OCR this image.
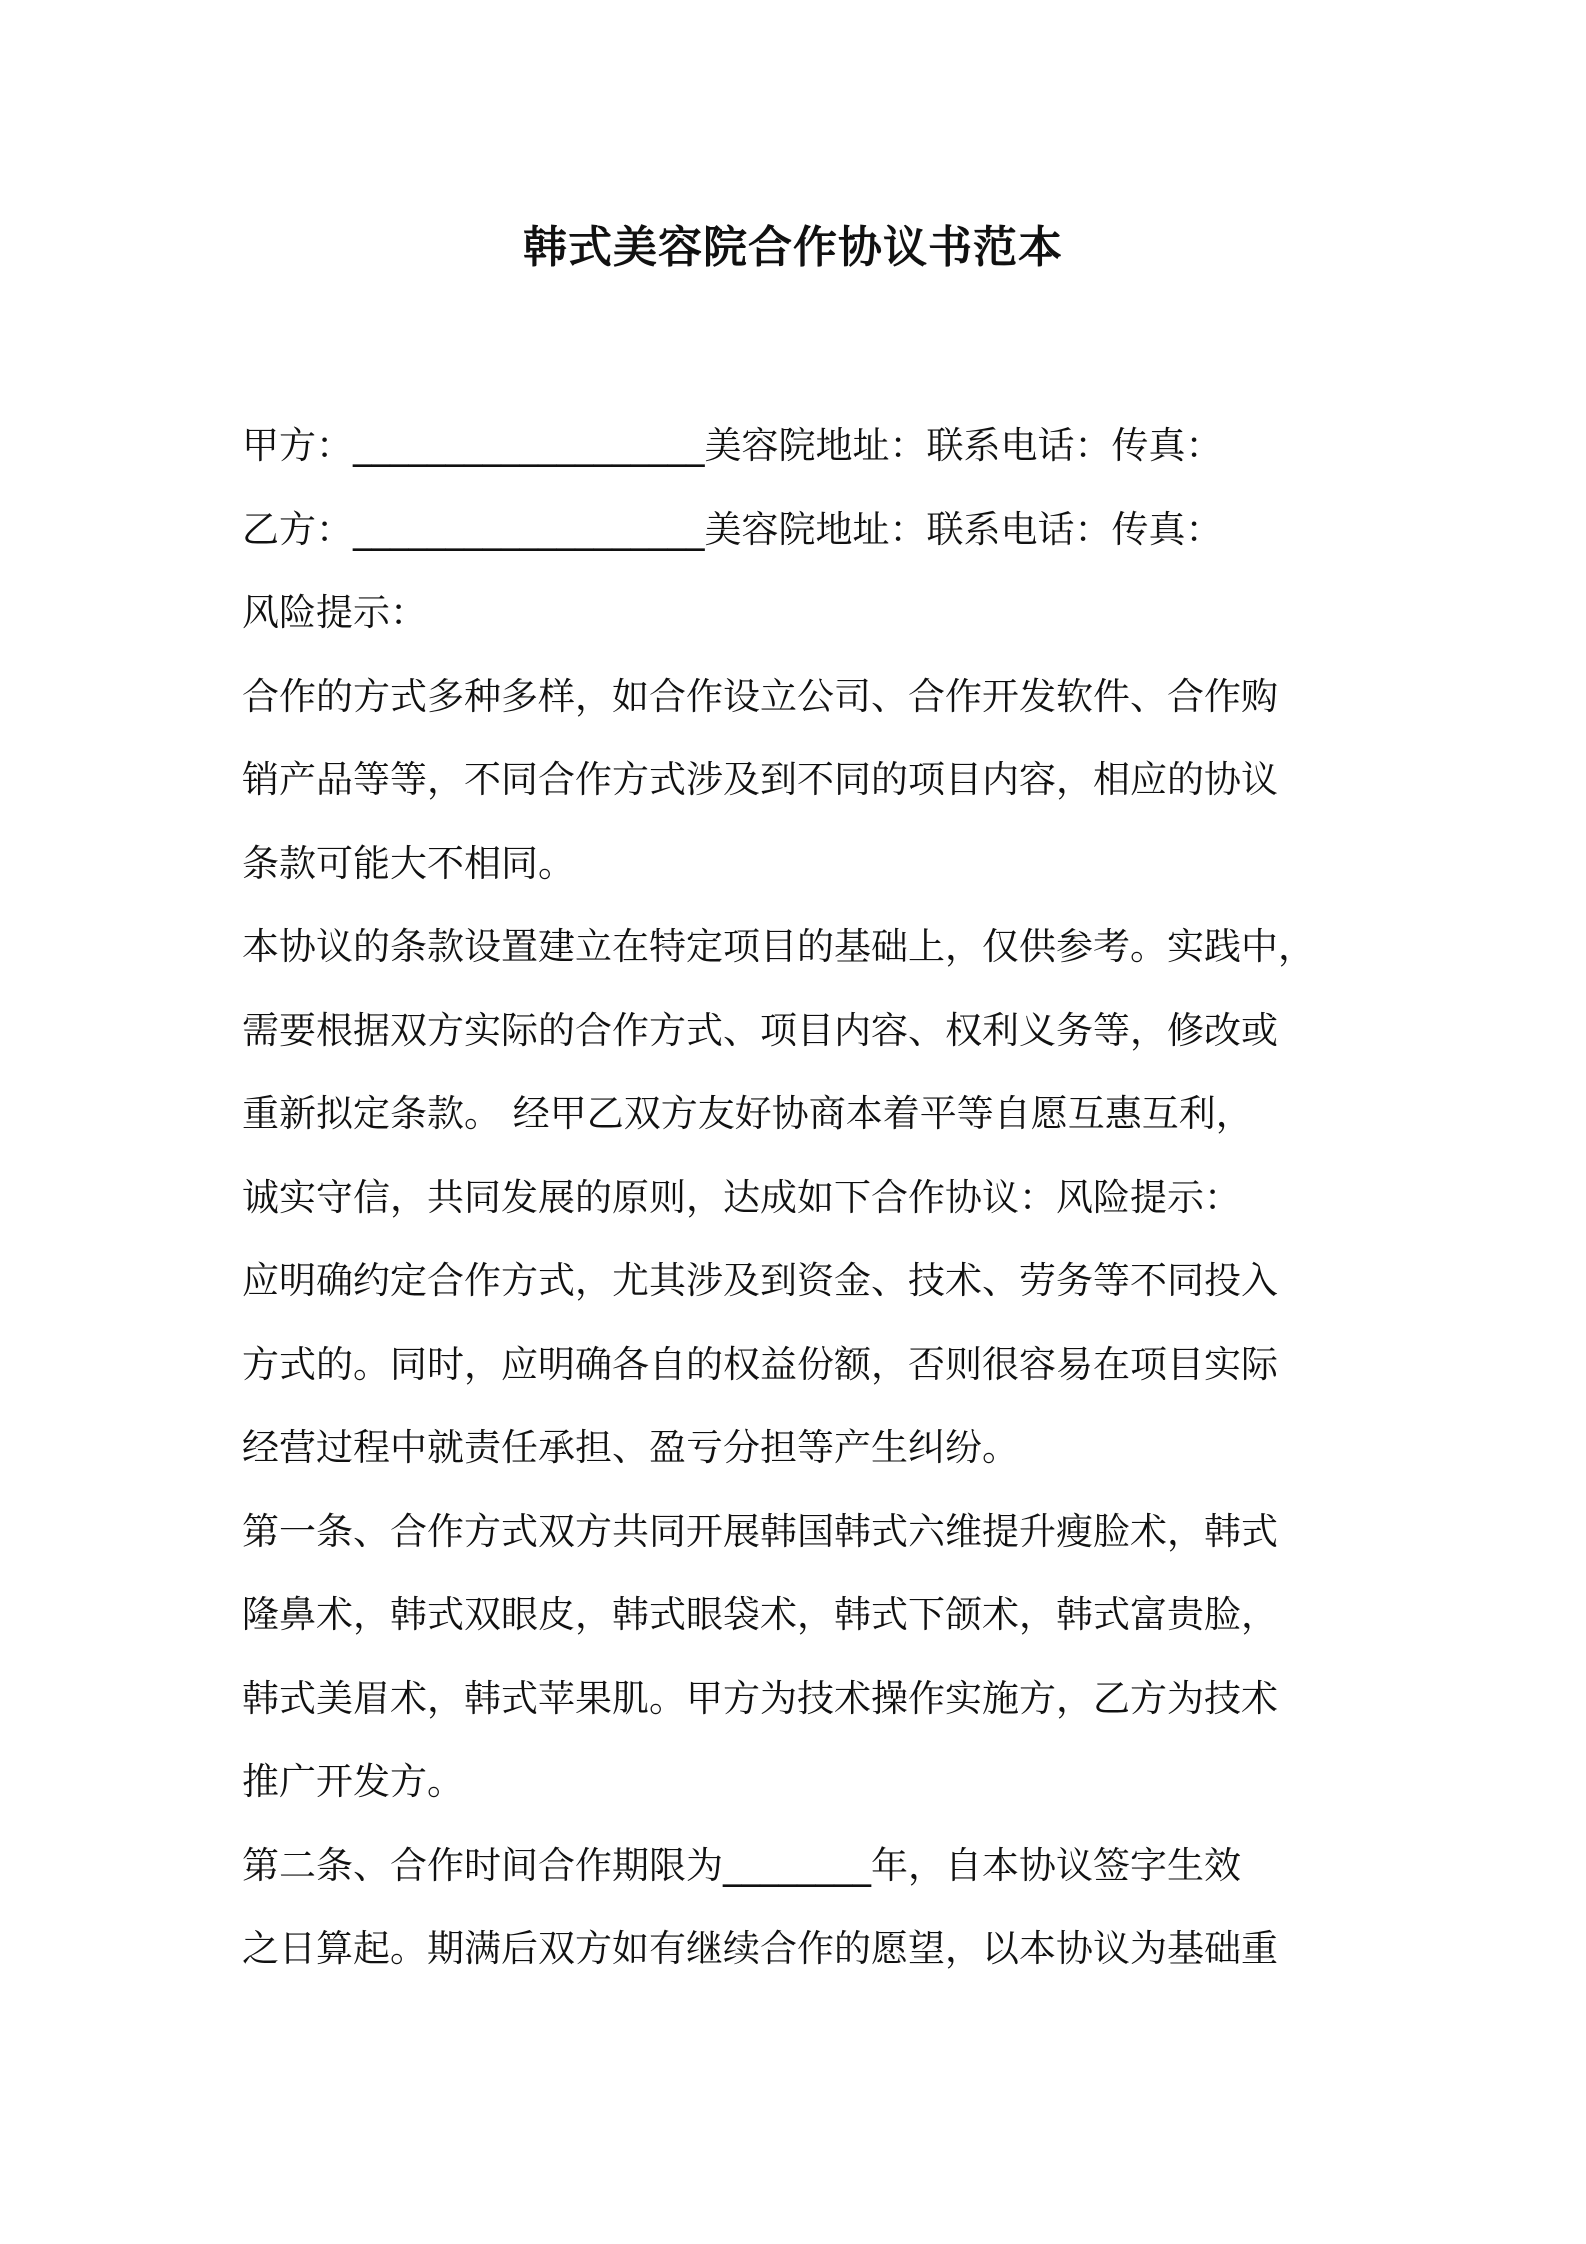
韩式美容院合作协议书范本
甲方：___________________美容院地址：联系电话：传真：
乙方：___________________美容院地址：联系电话：传真：
风险提示：
合作的方式多种多样，如合作设立公司、合作开发软件、合作购
销产品等等，不同合作方式涉及到不同的项目内容，相应的协议
条款可能大不相同。
本协议的条款设置建立在特定项目的基础上，仅供参考。实践中，
需要根据双方实际的合作方式、项目内容、权利义务等，修改或
重新拟定条款。 经甲乙双方友好协商本着平等自愿互惠互利，
诚实守信，共同发展的原则，达成如下合作协议：风险提示：
应明确约定合作方式，尤其涉及到资金、技术、劳务等不同投入
方式的。同时，应明确各自的权益份额，否则很容易在项目实际
经营过程中就责任承担、盈亏分担等产生纠纷。
第一条、合作方式双方共同开展韩国韩式六维提升瘦脸术，韩式
隆鼻术，韩式双眼皮，韩式眼袋术，韩式下颌术，韩式富贵脸，
韩式美眉术，韩式苹果肌。甲方为技术操作实施方，乙方为技术
推广开发方。
第二条、合作时间合作期限为________年，自本协议签字生效
之日算起。期满后双方如有继续合作的愿望，以本协议为基础重
